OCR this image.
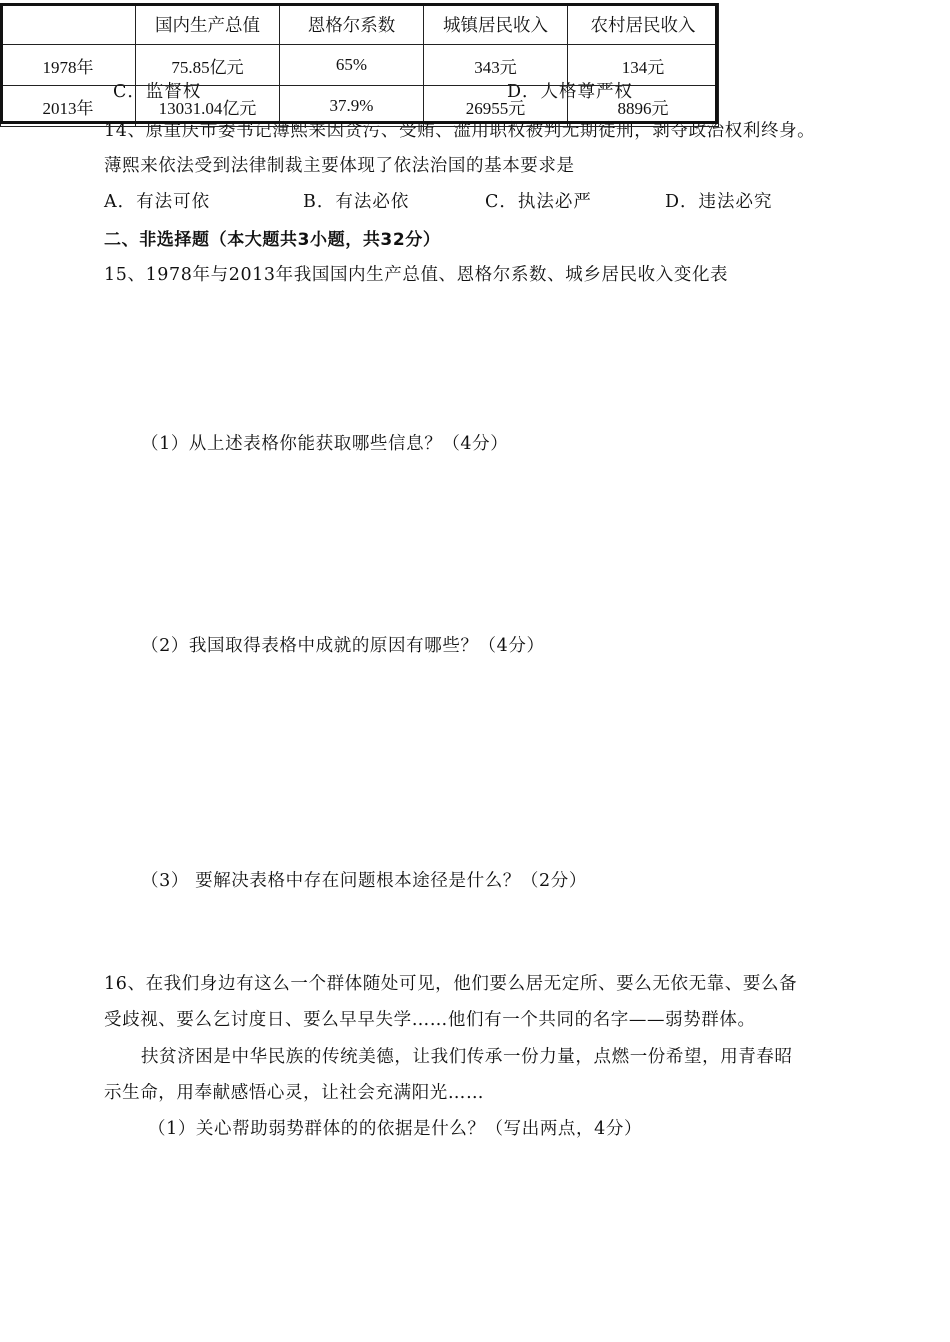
C．监督权	D．人格尊严权
14、原重庆市委书记薄熙来因贪污、受贿、滥用职权被判无期徒刑，剥夺政治权利终身。
薄熙来依法受到法律制裁主要体现了依法治国的基本要求是
A．有法可依	B．有法必依	C．执法必严	D．违法必究
二、非选择题（本大题共3小题，共32分）
15、1978年与2013年我国国内生产总值、恩格尔系数、城乡居民收入变化表
（1）从上述表格你能获取哪些信息？（4分）
（2）我国取得表格中成就的原因有哪些？（4分）
（3） 要解决表格中存在问题根本途径是什么？（2分）
16、在我们身边有这么一个群体随处可见，他们要么居无定所、要么无依无靠、要么备
受歧视、要么乞讨度日、要么早早失学……他们有一个共同的名字——弱势群体。
扶贫济困是中华民族的传统美德，让我们传承一份力量，点燃一份希望，用青春昭
示生命，用奉献感悟心灵，让社会充满阳光……
（1）关心帮助弱势群体的的依据是什么？（写出两点，4分）
	国内生产总值	恩格尔系数	城镇居民收入	农村居民收入
1978年	75.85亿元	65%	343元	134元
2013年	13031.04亿元	37.9%	26955元	8896元
